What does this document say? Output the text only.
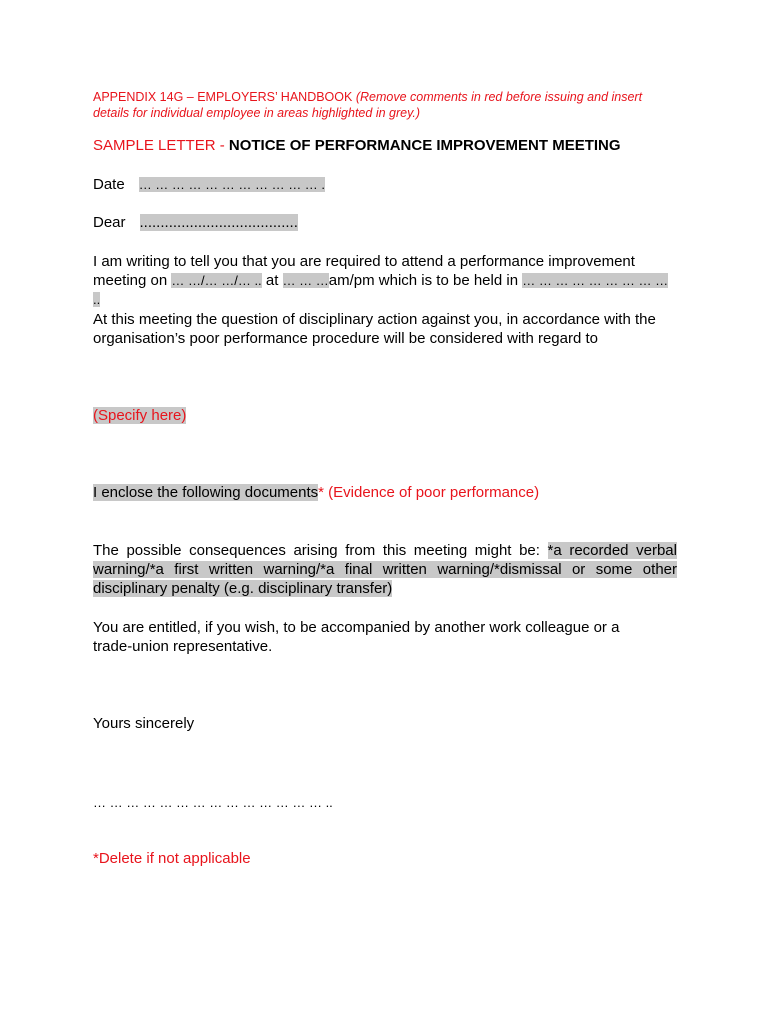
APPENDIX 14G – EMPLOYERS’ HANDBOOK (Remove comments in red before issuing and insert
details for individual employee in areas highlighted in grey.)
SAMPLE LETTER - NOTICE OF PERFORMANCE IMPROVEMENT MEETING
Date … … … … … … … … … … … .
Dear ......................................
I am writing to tell you that you are required to attend a performance improvement
meeting on … …/… …/… .. at … … …am/pm which is to be held in … … … … … … … … … ..
At this meeting the question of disciplinary action against you, in accordance with the
organisation’s poor performance procedure will be considered with regard to
(Specify here)
I enclose the following documents* (Evidence of poor performance)
The possible consequences arising from this meeting might be: *a recorded verbal warning/*a first written warning/*a final written warning/*dismissal or some other disciplinary penalty (e.g. disciplinary transfer)
You are entitled, if you wish, to be accompanied by another work colleague or a
trade-union representative.
Yours sincerely
… … … … … … … … … … … … … … ..
*Delete if not applicable
